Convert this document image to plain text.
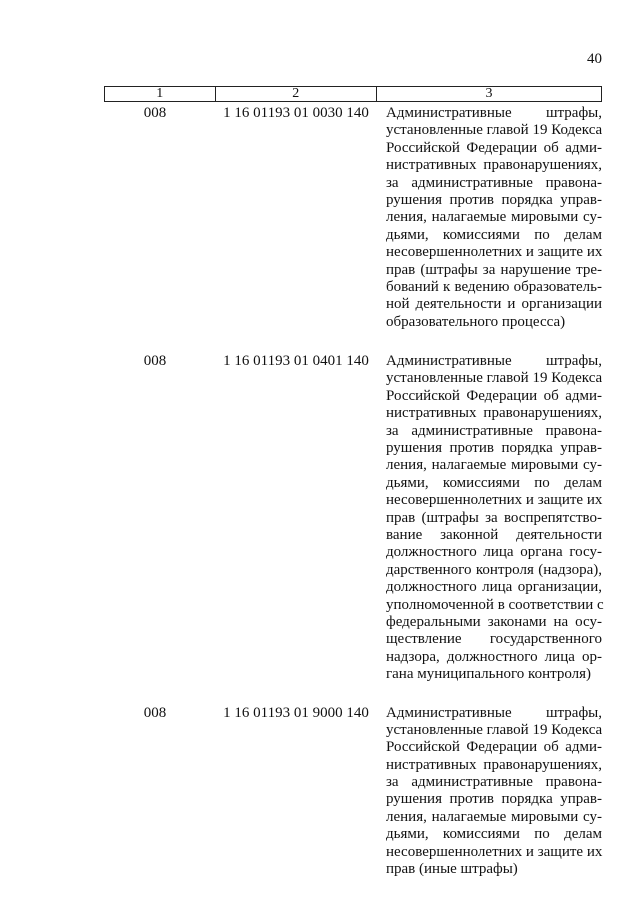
40
1	2	3
008	1 16 01193 01 0030 140	Административные штрафы,
установленные главой 19 Кодекса
Российской Федерации об адми-
нистративных правонарушениях,
за административные правона-
рушения против порядка управ-
ления, налагаемые мировыми су-
дьями, комиссиями по делам
несовершеннолетних и защите их
прав (штрафы за нарушение тре-
бований к ведению образователь-
ной деятельности и организации
образовательного процесса)
008	1 16 01193 01 0401 140	Административные штрафы,
установленные главой 19 Кодекса
Российской Федерации об адми-
нистративных правонарушениях,
за административные правона-
рушения против порядка управ-
ления, налагаемые мировыми су-
дьями, комиссиями по делам
несовершеннолетних и защите их
прав (штрафы за воспрепятство-
вание законной деятельности
должностного лица органа госу-
дарственного контроля (надзора),
должностного лица организации,
уполномоченной в соответствии с
федеральными законами на осу-
ществление государственного
надзора, должностного лица ор-
гана муниципального контроля)
008	1 16 01193 01 9000 140	Административные штрафы,
установленные главой 19 Кодекса
Российской Федерации об адми-
нистративных правонарушениях,
за административные правона-
рушения против порядка управ-
ления, налагаемые мировыми су-
дьями, комиссиями по делам
несовершеннолетних и защите их
прав (иные штрафы)
